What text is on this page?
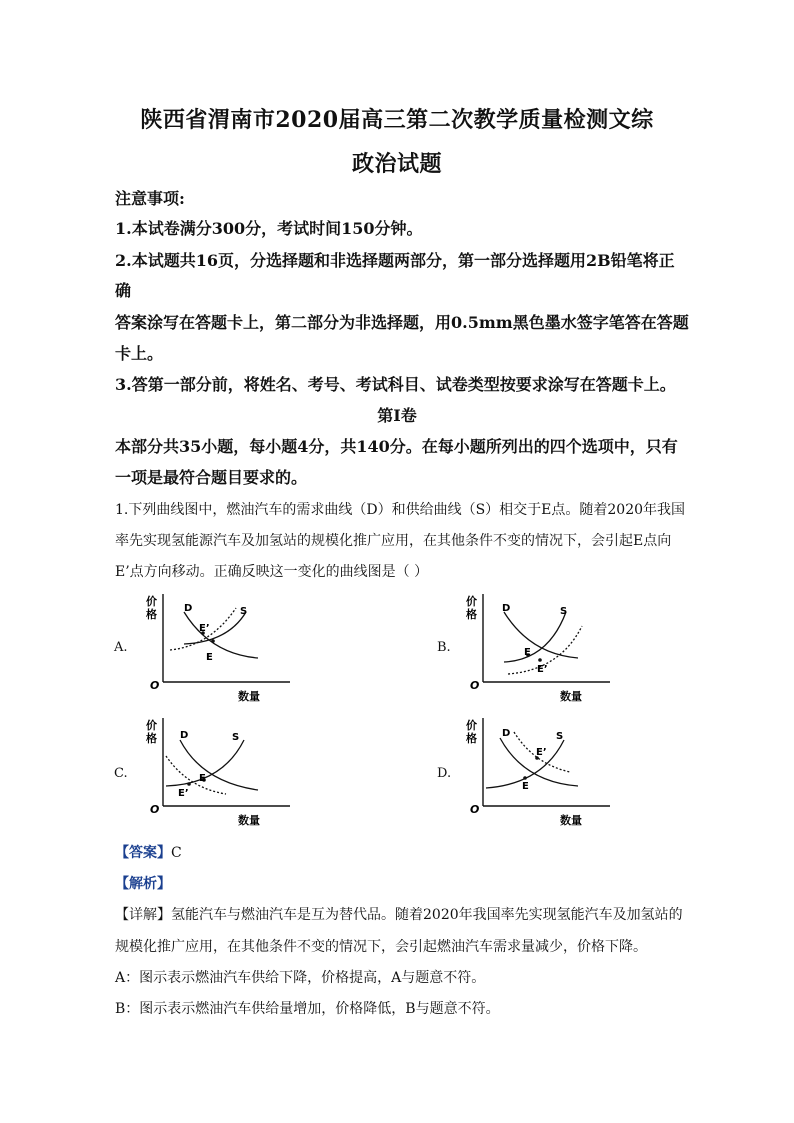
陕西省渭南市2020届高三第二次教学质量检测文综
政治试题
注意事项:
1.本试卷满分300分，考试时间150分钟。
2.本试题共16页，分选择题和非选择题两部分，第一部分选择题用2B铅笔将正
确
答案涂写在答题卡上，第二部分为非选择题，用0.5mm黑色墨水签字笔答在答题
卡上。
3.答第一部分前，将姓名、考号、考试科目、试卷类型按要求涂写在答题卡上。
第Ⅰ卷
本部分共35小题，每小题4分，共140分。在每小题所列出的四个选项中，只有
一项是最符合题目要求的。
1.下列曲线图中，燃油汽车的需求曲线（D）和供给曲线（S）相交于E点。随着2020年我国
率先实现氢能源汽车及加氢站的规模化推广应用，在其他条件不变的情况下，会引起E点向
E’点方向移动。正确反映这一变化的曲线图是（ ）
A.	B.
C.	D.
价
格
O
数量
D	S
E
E’
价
格
O
数量
D	S
E
E’
价
格
O
数量
D	S
E
E’
价
格
O
数量
D	S
E
E’
【答案】C
【解析】
【详解】氢能汽车与燃油汽车是互为替代品。随着2020年我国率先实现氢能汽车及加氢站的
规模化推广应用，在其他条件不变的情况下，会引起燃油汽车需求量减少，价格下降。
A：图示表示燃油汽车供给下降，价格提高，A与题意不符。
B：图示表示燃油汽车供给量增加，价格降低，B与题意不符。
